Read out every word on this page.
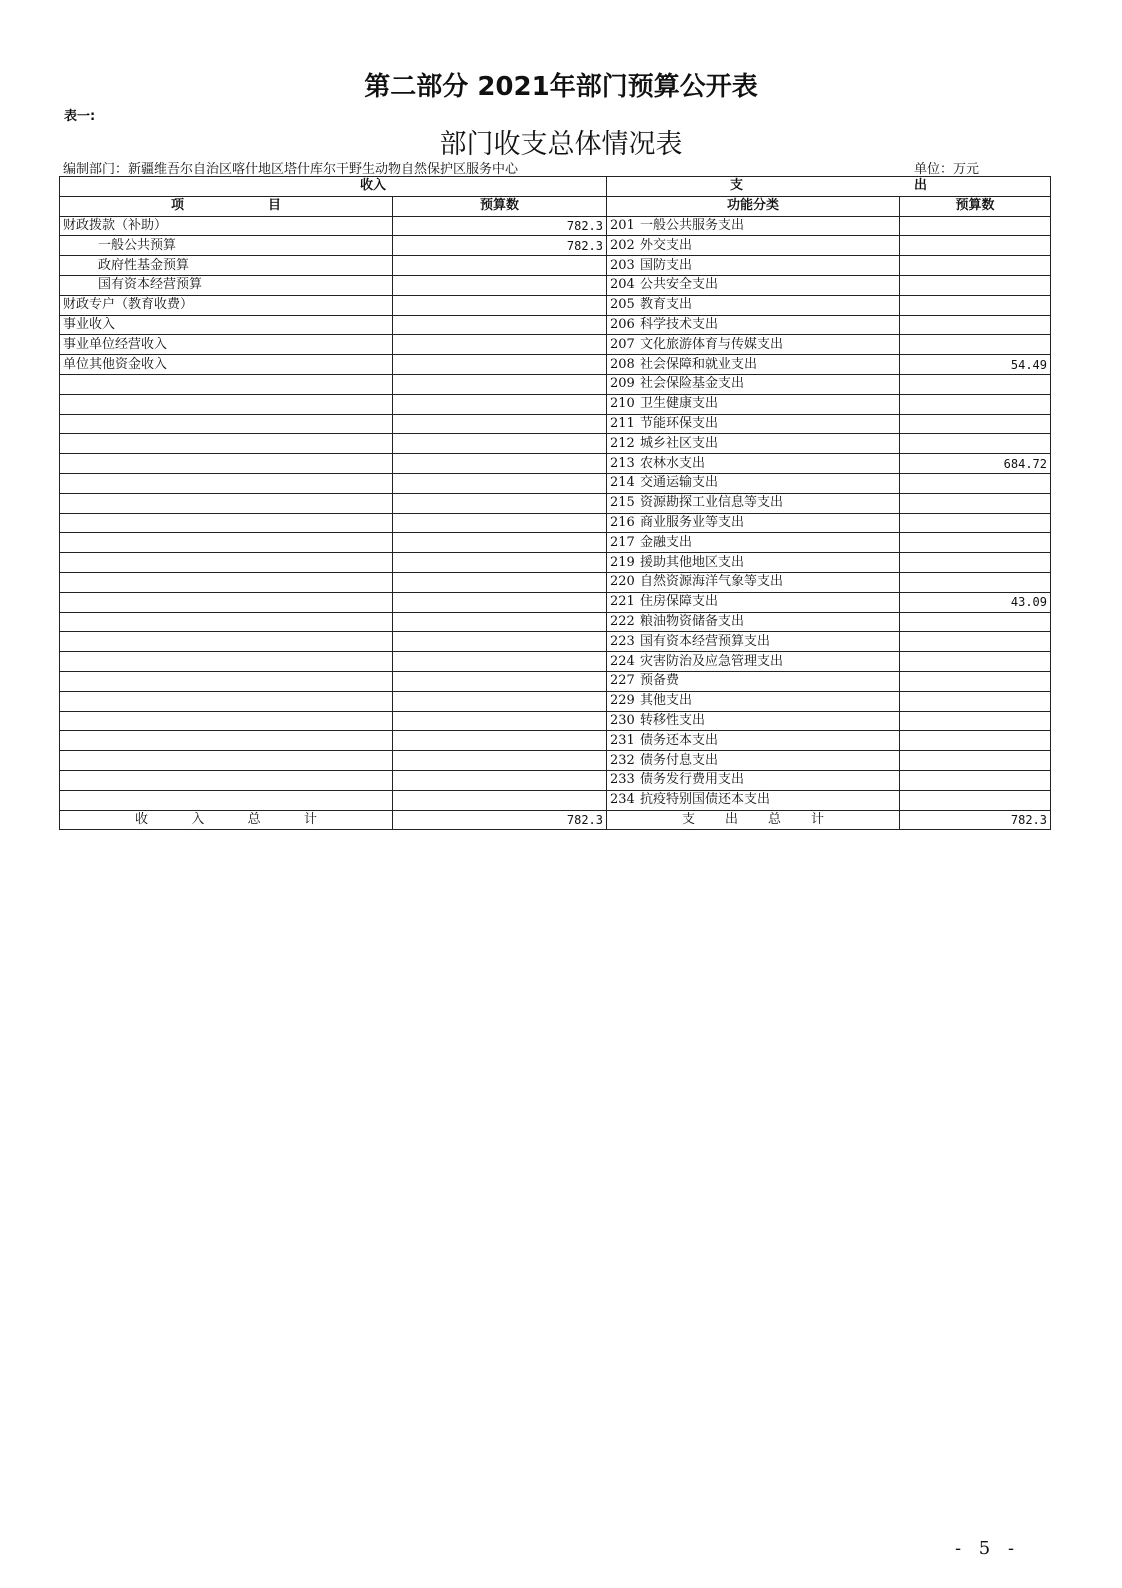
第二部分 2021年部门预算公开表
表一:
部门收支总体情况表
编制部门：新疆维吾尔自治区喀什地区塔什库尔干野生动物自然保护区服务中心	单位：万元
收 入		支 出	

项 目	预算数	功能分类	预算数
财政拨款（补助）	782.3	201 一般公共服务支出	
一般公共预算	782.3	202 外交支出	
政府性基金预算		203 国防支出	
国有资本经营预算		204 公共安全支出	
财政专户（教育收费）		205 教育支出	
事业收入		206 科学技术支出	
事业单位经营收入		207 文化旅游体育与传媒支出	
单位其他资金收入		208 社会保障和就业支出	54.49
		209 社会保险基金支出	
		210 卫生健康支出	
		211 节能环保支出	
		212 城乡社区支出	
		213 农林水支出	684.72
		214 交通运输支出	
		215 资源勘探工业信息等支出	
		216 商业服务业等支出	
		217 金融支出	
		219 援助其他地区支出	
		220 自然资源海洋气象等支出	
		221 住房保障支出	43.09
		222 粮油物资储备支出	
		223 国有资本经营预算支出	
		224 灾害防治及应急管理支出	
		227 预备费	
		229 其他支出	
		230 转移性支出	
		231 债务还本支出	
		232 债务付息支出	
		233 债务发行费用支出	
		234 抗疫特别国债还本支出	

收 入 总 计	782.3	支 出 总 计	782.3
- 5 -
